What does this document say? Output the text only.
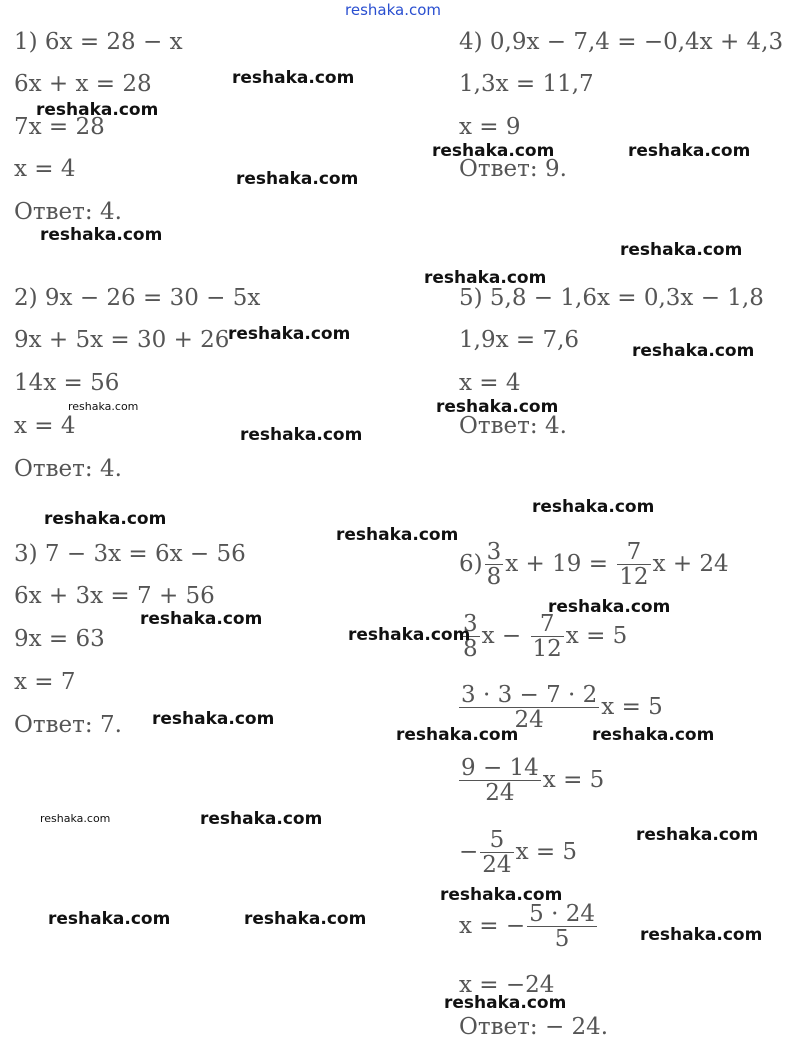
reshaka.com
1) 6x = 28 − x
6x + x = 28
7x = 28
x = 4
Ответ: 4.
2) 9x − 26 = 30 − 5x
9x + 5x = 30 + 26
14x = 56
x = 4
Ответ: 4.
3) 7 − 3x = 6x − 56
6x + 3x = 7 + 56
9x = 63
x = 7
Ответ: 7.
4) 0,9x − 7,4 = −0,4x + 4,3
1,3x = 11,7
x = 9
Ответ: 9.
5) 5,8 − 1,6x = 0,3x − 1,8
1,9x = 7,6
x = 4
Ответ: 4.
$6) \frac{3}{8}$ $x + 19 = \frac{7}{12}$ x + 24
$\frac{3}{8}$ $x - \frac{7}{12}$ x = 5
$\frac{3 \cdot 3 - 7 \cdot 2}{24}$ x = 5
$\frac{9 - 14}{24}$ x = 5
− $\frac{5}{24}$ x = 5
x = − $\frac{5 \cdot 24}{5}$
x = −24
Ответ: − 24.
reshaka.com
reshaka.com
reshaka.com
reshaka.com
reshaka.com	reshaka.com
reshaka.com
reshaka.com
reshaka.com
reshaka.com
reshaka.com	reshaka.com
reshaka.com
reshaka.com
reshaka.com
reshaka.com
reshaka.com
reshaka.com
reshaka.com
reshaka.com
reshaka.com	reshaka.com
reshaka.com	reshaka.com
reshaka.com
reshaka.com
reshaka.com	reshaka.com
reshaka.com
reshaka.com
